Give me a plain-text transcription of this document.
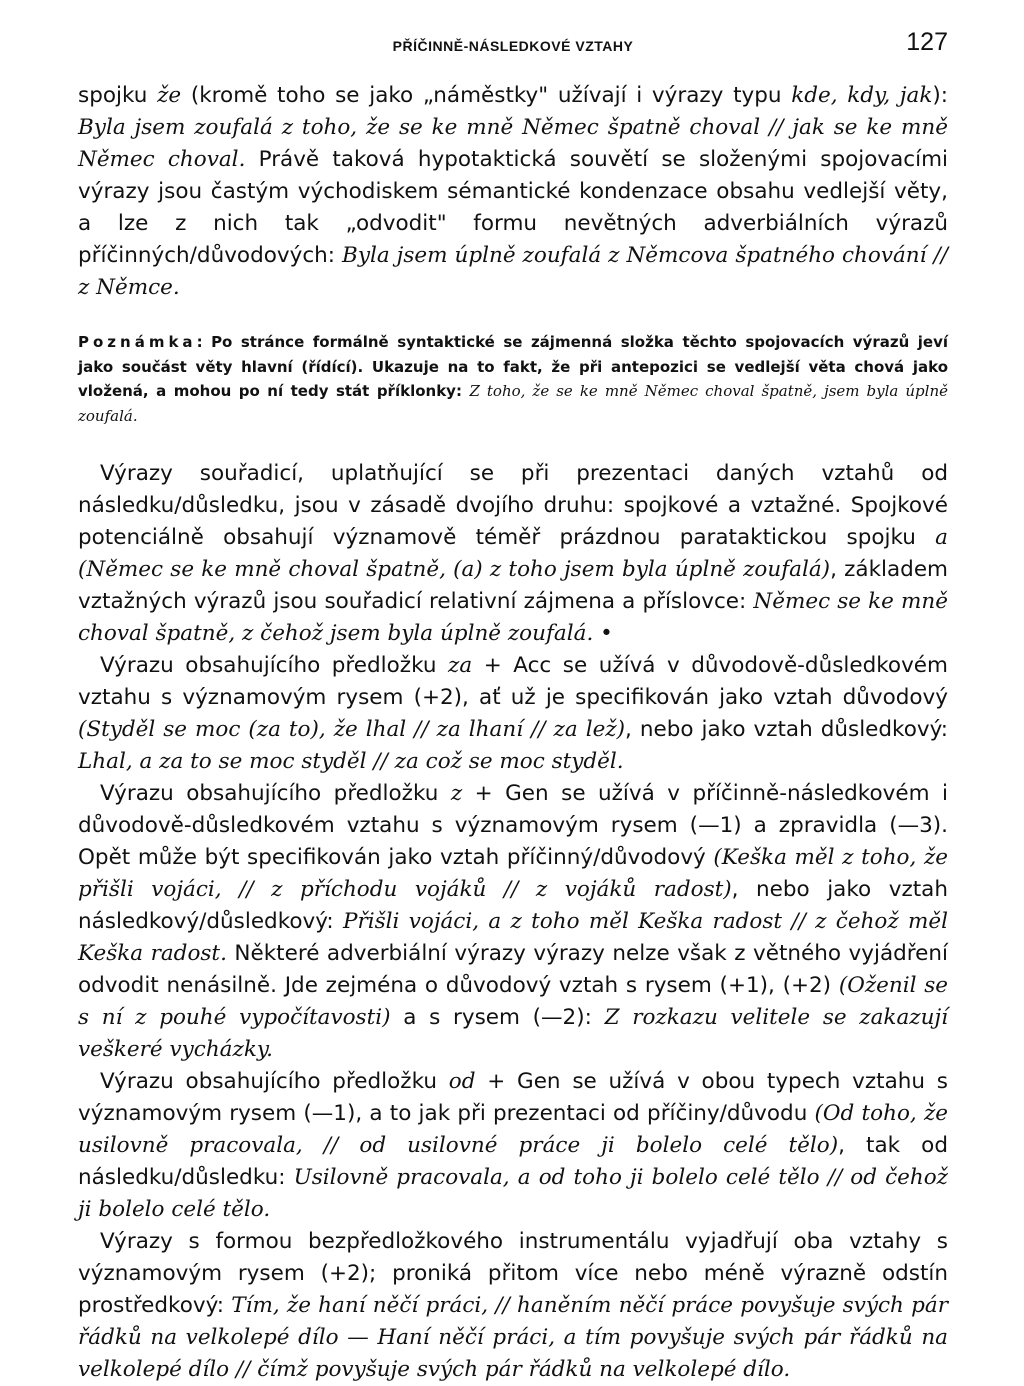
PŘÍČINNĚ-NÁSLEDKOVÉ VZTAHY	127

spojku že (kromě toho se jako „náměstky" užívají i výrazy typu kde, kdy, jak): Byla jsem zoufalá z toho, že se ke mně Němec špatně choval // jak se ke mně Němec choval. Právě taková hypotaktická souvětí se složenými spojovacími výrazy jsou častým východiskem sémantické kondenzace obsahu vedlejší věty, a lze z nich tak „odvodit" formu nevětných adverbiálních výrazů příčinných/důvodových: Byla jsem úplně zoufalá z Němcova špatného chování // z Němce.

Poznámka: Po stránce formálně syntaktické se zájmenná složka těchto spojovacích výrazů jeví jako součást věty hlavní (řídící). Ukazuje na to fakt, že při antepozici se vedlejší věta chová jako vložená, a mohou po ní tedy stát příklonky: Z toho, že se ke mně Němec choval špatně, jsem byla úplně zoufalá.

Výrazy souřadicí, uplatňující se při prezentaci daných vztahů od následku/důsledku, jsou v zásadě dvojího druhu: spojkové a vztažné. Spojkové potenciálně obsahují významově téměř prázdnou parataktickou spojku a (Němec se ke mně choval špatně, (a) z toho jsem byla úplně zoufalá), základem vztažných výrazů jsou souřadicí relativní zájmena a příslovce: Němec se ke mně choval špatně, z čehož jsem byla úplně zoufalá. •

Výrazu obsahujícího předložku za + Acc se užívá v důvodově-důsledkovém vztahu s významovým rysem (+2), ať už je specifikován jako vztah důvodový (Styděl se moc (za to), že lhal // za lhaní // za lež), nebo jako vztah důsledkový: Lhal, a za to se moc styděl // za což se moc styděl.

Výrazu obsahujícího předložku z + Gen se užívá v příčinně-následkovém i důvodově-důsledkovém vztahu s významovým rysem (—1) a zpravidla (—3). Opět může být specifikován jako vztah příčinný/důvodový (Keška měl z toho, že přišli vojáci, // z příchodu vojáků // z vojáků radost), nebo jako vztah následkový/důsledkový: Přišli vojáci, a z toho měl Keška radost // z čehož měl Keška radost. Některé adverbiální výrazy výrazy nelze však z větného vyjádření odvodit nenásilně. Jde zejména o důvodový vztah s rysem (+1), (+2) (Oženil se s ní z pouhé vypočítavosti) a s rysem (—2): Z rozkazu velitele se zakazují veškeré vycházky.

Výrazu obsahujícího předložku od + Gen se užívá v obou typech vztahu s významovým rysem (—1), a to jak při prezentaci od příčiny/důvodu (Od toho, že usilovně pracovala, // od usilovné práce ji bolelo celé tělo), tak od následku/důsledku: Usilovně pracovala, a od toho ji bolelo celé tělo // od čehož ji bolelo celé tělo.

Výrazy s formou bezpředložkového instrumentálu vyjadřují oba vztahy s významovým rysem (+2); proniká přitom více nebo méně výrazně odstín prostředkový: Tím, že haní něčí práci, // haněním něčí práce povyšuje svých pár řádků na velkolepé dílo — Haní něčí práci, a tím povyšuje svých pár řádků na velkolepé dílo // čímž povyšuje svých pár řádků na velkolepé dílo.
